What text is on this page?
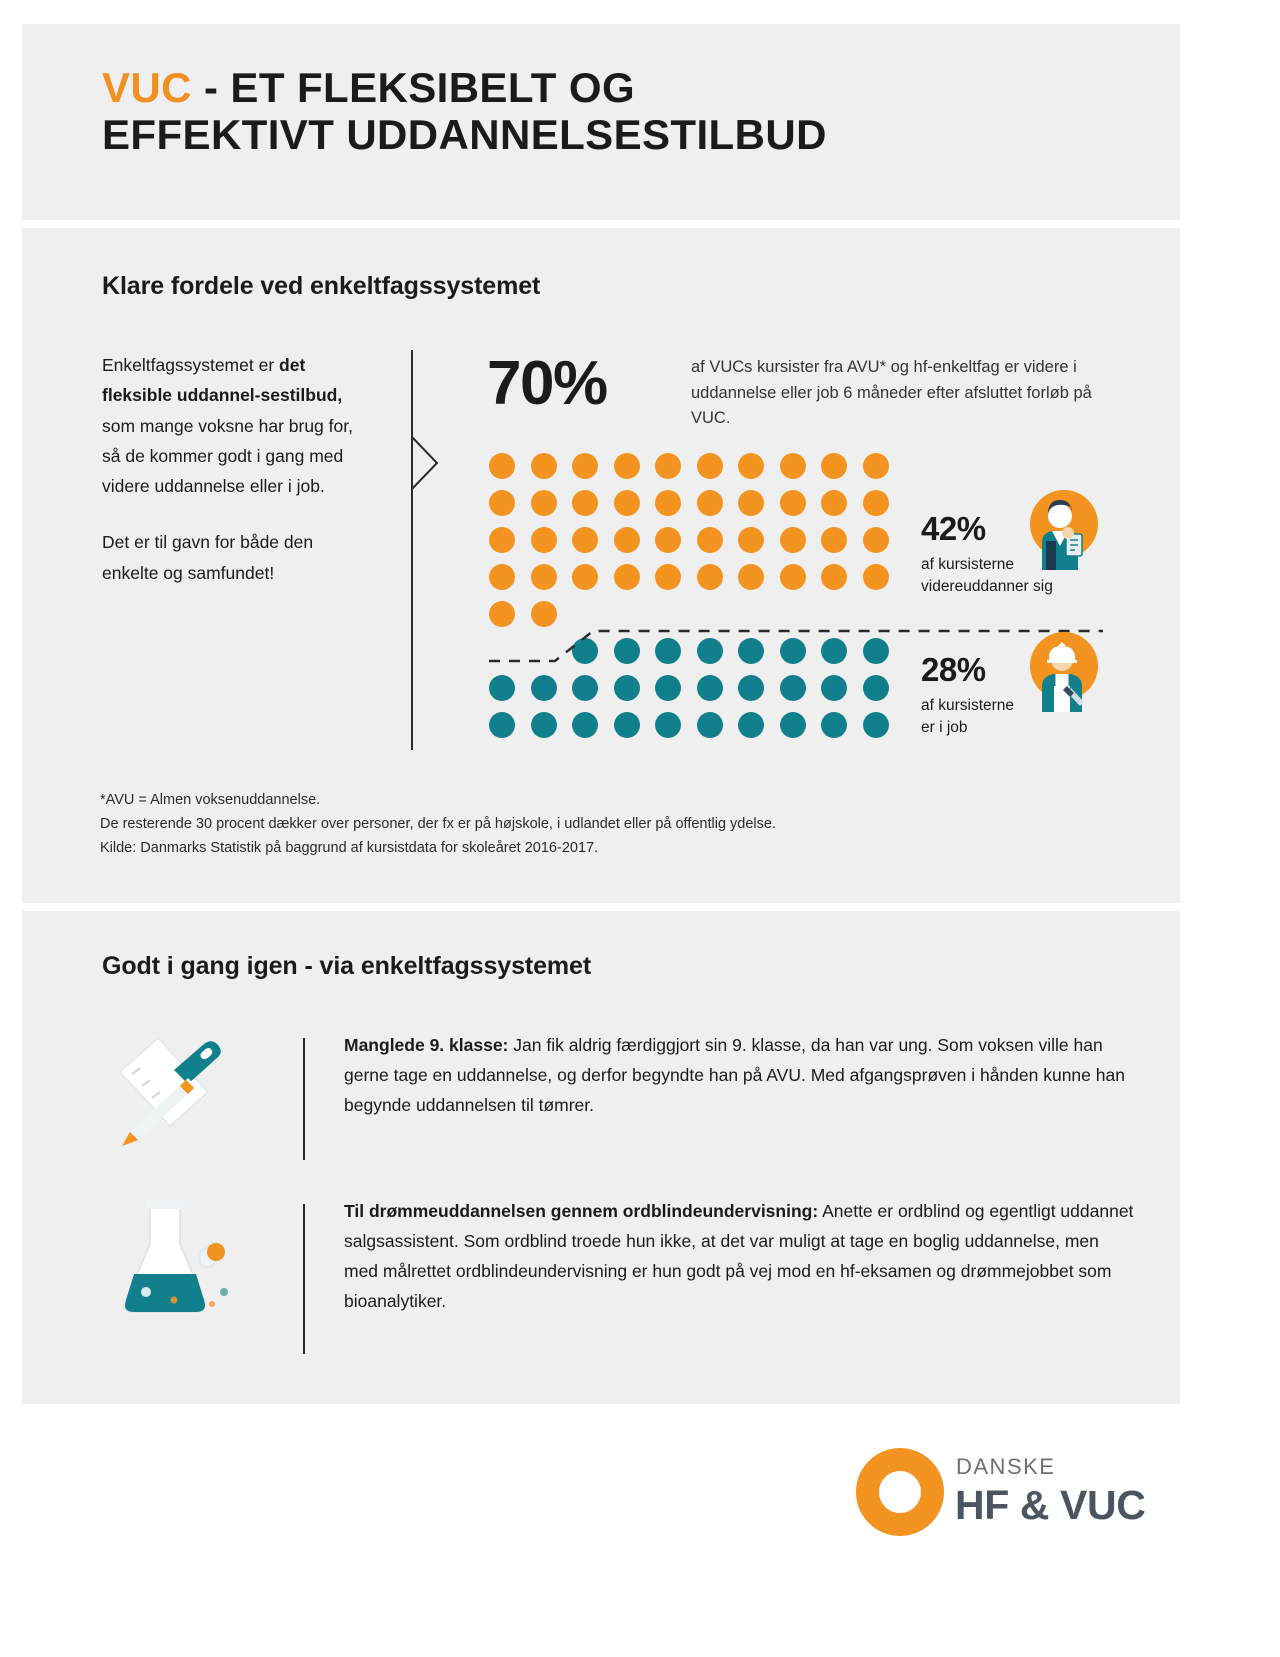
VUC - ET FLEKSIBELT OG
EFFEKTIVT UDDANNELSESTILBUD
Klare fordele ved enkeltfagssystemet

Enkeltfagssystemet er det fleksible uddannel-sestilbud, som mange voksne har brug for, så de kommer godt i gang med videre uddannelse eller i job.

Det er til gavn for både den enkelte og samfundet!

70%	af VUCs kursister fra AVU* og hf-enkeltfag er videre i uddannelse eller job 6 måneder efter afsluttet forløb på VUC.
42%
af kursisterne
videreuddanner sig
28%
af kursisterne
er i job
*AVU = Almen voksenuddannelse.
De resterende 30 procent dækker over personer, der fx er på højskole, i udlandet eller på offentlig ydelse.
Kilde: Danmarks Statistik på baggrund af kursistdata for skoleåret 2016-2017.
Godt i gang igen - via enkeltfagssystemet
Manglede 9. klasse: Jan fik aldrig færdiggjort sin 9. klasse, da han var ung. Som voksen ville han gerne tage en uddannelse, og derfor begyndte han på AVU. Med afgangsprøven i hånden kunne han begynde uddannelsen til tømrer.
Til drømmeuddannelsen gennem ordblindeundervisning: Anette er ordblind og egentligt uddannet salgsassistent. Som ordblind troede hun ikke, at det var muligt at tage en boglig uddannelse, men med målrettet ordblindeundervisning er hun godt på vej mod en hf-eksamen og drømmejobbet som bioanalytiker.
DANSKE
HF & VUC
